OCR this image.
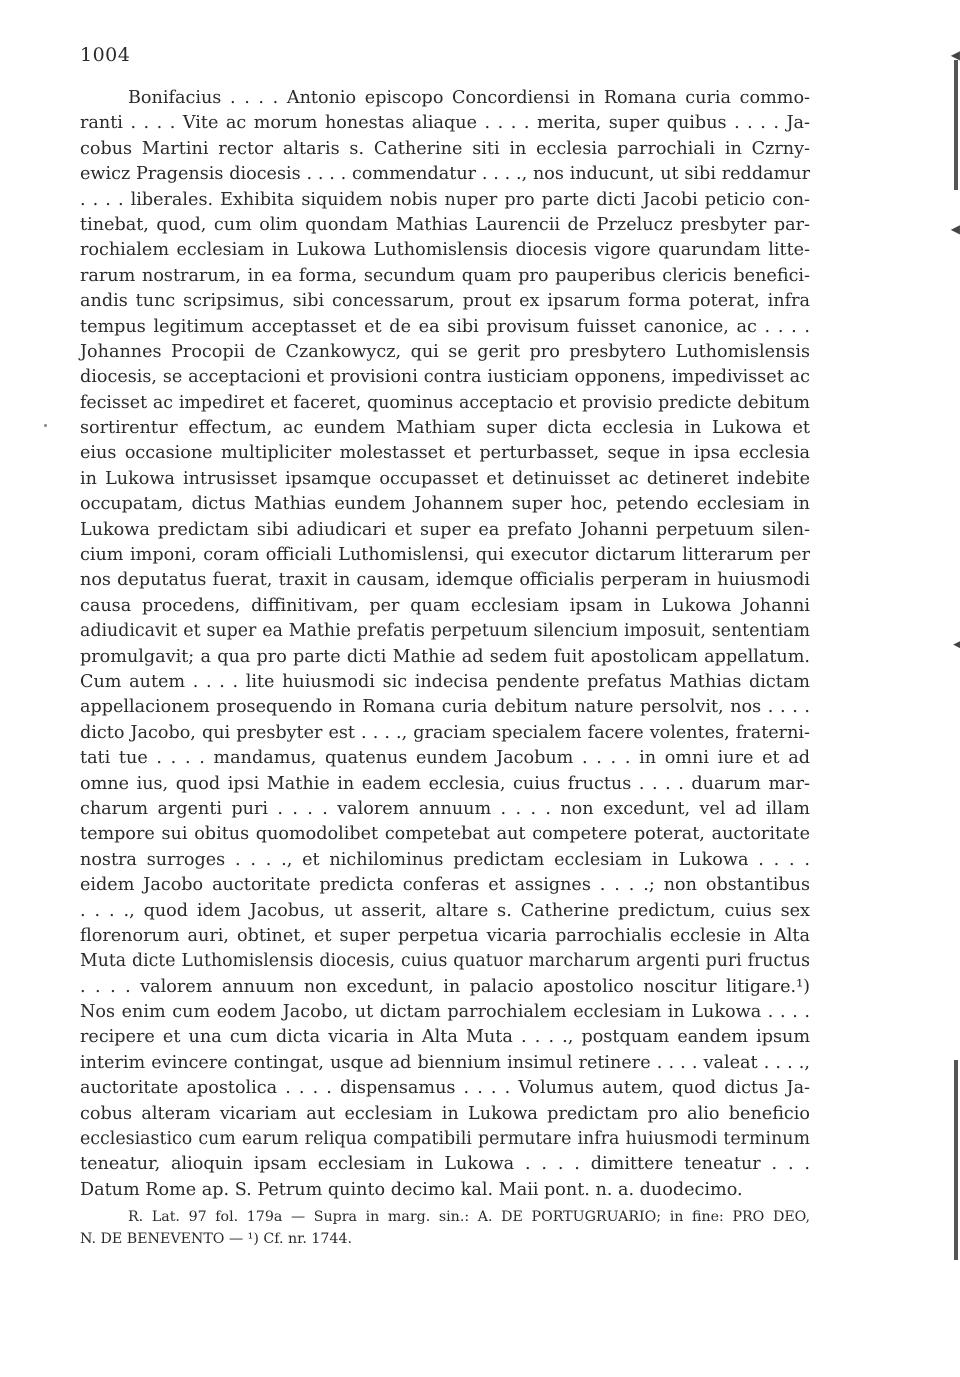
1004
Bonifacius . . . . Antonio episcopo Concordiensi in Romana curia commo-
ranti . . . . Vite ac morum honestas aliaque . . . . merita, super quibus . . . . Ja-
cobus Martini rector altaris s. Catherine siti in ecclesia parrochiali in Czrny-
ewicz Pragensis diocesis . . . . commendatur . . . ., nos inducunt, ut sibi reddamur
. . . . liberales. Exhibita siquidem nobis nuper pro parte dicti Jacobi peticio con-
tinebat, quod, cum olim quondam Mathias Laurencii de Przelucz presbyter par-
rochialem ecclesiam in Lukowa Luthomislensis diocesis vigore quarundam litte-
rarum nostrarum, in ea forma, secundum quam pro pauperibus clericis benefici-
andis tunc scripsimus, sibi concessarum, prout ex ipsarum forma poterat, infra
tempus legitimum acceptasset et de ea sibi provisum fuisset canonice, ac . . . .
Johannes Procopii de Czankowycz, qui se gerit pro presbytero Luthomislensis
diocesis, se acceptacioni et provisioni contra iusticiam opponens, impedivisset ac
fecisset ac impediret et faceret, quominus acceptacio et provisio predicte debitum
sortirentur effectum, ac eundem Mathiam super dicta ecclesia in Lukowa et
eius occasione multipliciter molestasset et perturbasset, seque in ipsa ecclesia
in Lukowa intrusisset ipsamque occupasset et detinuisset ac detineret indebite
occupatam, dictus Mathias eundem Johannem super hoc, petendo ecclesiam in
Lukowa predictam sibi adiudicari et super ea prefato Johanni perpetuum silen-
cium imponi, coram officiali Luthomislensi, qui executor dictarum litterarum per
nos deputatus fuerat, traxit in causam, idemque officialis perperam in huiusmodi
causa procedens, diffinitivam, per quam ecclesiam ipsam in Lukowa Johanni
adiudicavit et super ea Mathie prefatis perpetuum silencium imposuit, sententiam
promulgavit; a qua pro parte dicti Mathie ad sedem fuit apostolicam appellatum.
Cum autem . . . . lite huiusmodi sic indecisa pendente prefatus Mathias dictam
appellacionem prosequendo in Romana curia debitum nature persolvit, nos . . . .
dicto Jacobo, qui presbyter est . . . ., graciam specialem facere volentes, fraterni-
tati tue . . . . mandamus, quatenus eundem Jacobum . . . . in omni iure et ad
omne ius, quod ipsi Mathie in eadem ecclesia, cuius fructus . . . . duarum mar-
charum argenti puri . . . . valorem annuum . . . . non excedunt, vel ad illam
tempore sui obitus quomodolibet competebat aut competere poterat, auctoritate
nostra surroges . . . ., et nichilominus predictam ecclesiam in Lukowa . . . .
eidem Jacobo auctoritate predicta conferas et assignes . . . .; non obstantibus
. . . ., quod idem Jacobus, ut asserit, altare s. Catherine predictum, cuius sex
florenorum auri, obtinet, et super perpetua vicaria parrochialis ecclesie in Alta
Muta dicte Luthomislensis diocesis, cuius quatuor marcharum argenti puri fructus
. . . . valorem annuum non excedunt, in palacio apostolico noscitur litigare.¹)
Nos enim cum eodem Jacobo, ut dictam parrochialem ecclesiam in Lukowa . . . .
recipere et una cum dicta vicaria in Alta Muta . . . ., postquam eandem ipsum
interim evincere contingat, usque ad biennium insimul retinere . . . . valeat . . . .,
auctoritate apostolica . . . . dispensamus . . . . Volumus autem, quod dictus Ja-
cobus alteram vicariam aut ecclesiam in Lukowa predictam pro alio beneficio
ecclesiastico cum earum reliqua compatibili permutare infra huiusmodi terminum
teneatur, alioquin ipsam ecclesiam in Lukowa . . . . dimittere teneatur . . .
Datum Rome ap. S. Petrum quinto decimo kal. Maii pont. n. a. duodecimo.
R. Lat. 97 fol. 179a — Supra in marg. sin.: A. DE PORTUGRUARIO; in fine: PRO DEO,
N. DE BENEVENTO — ¹) Cf. nr. 1744.
◀
◀
◀
